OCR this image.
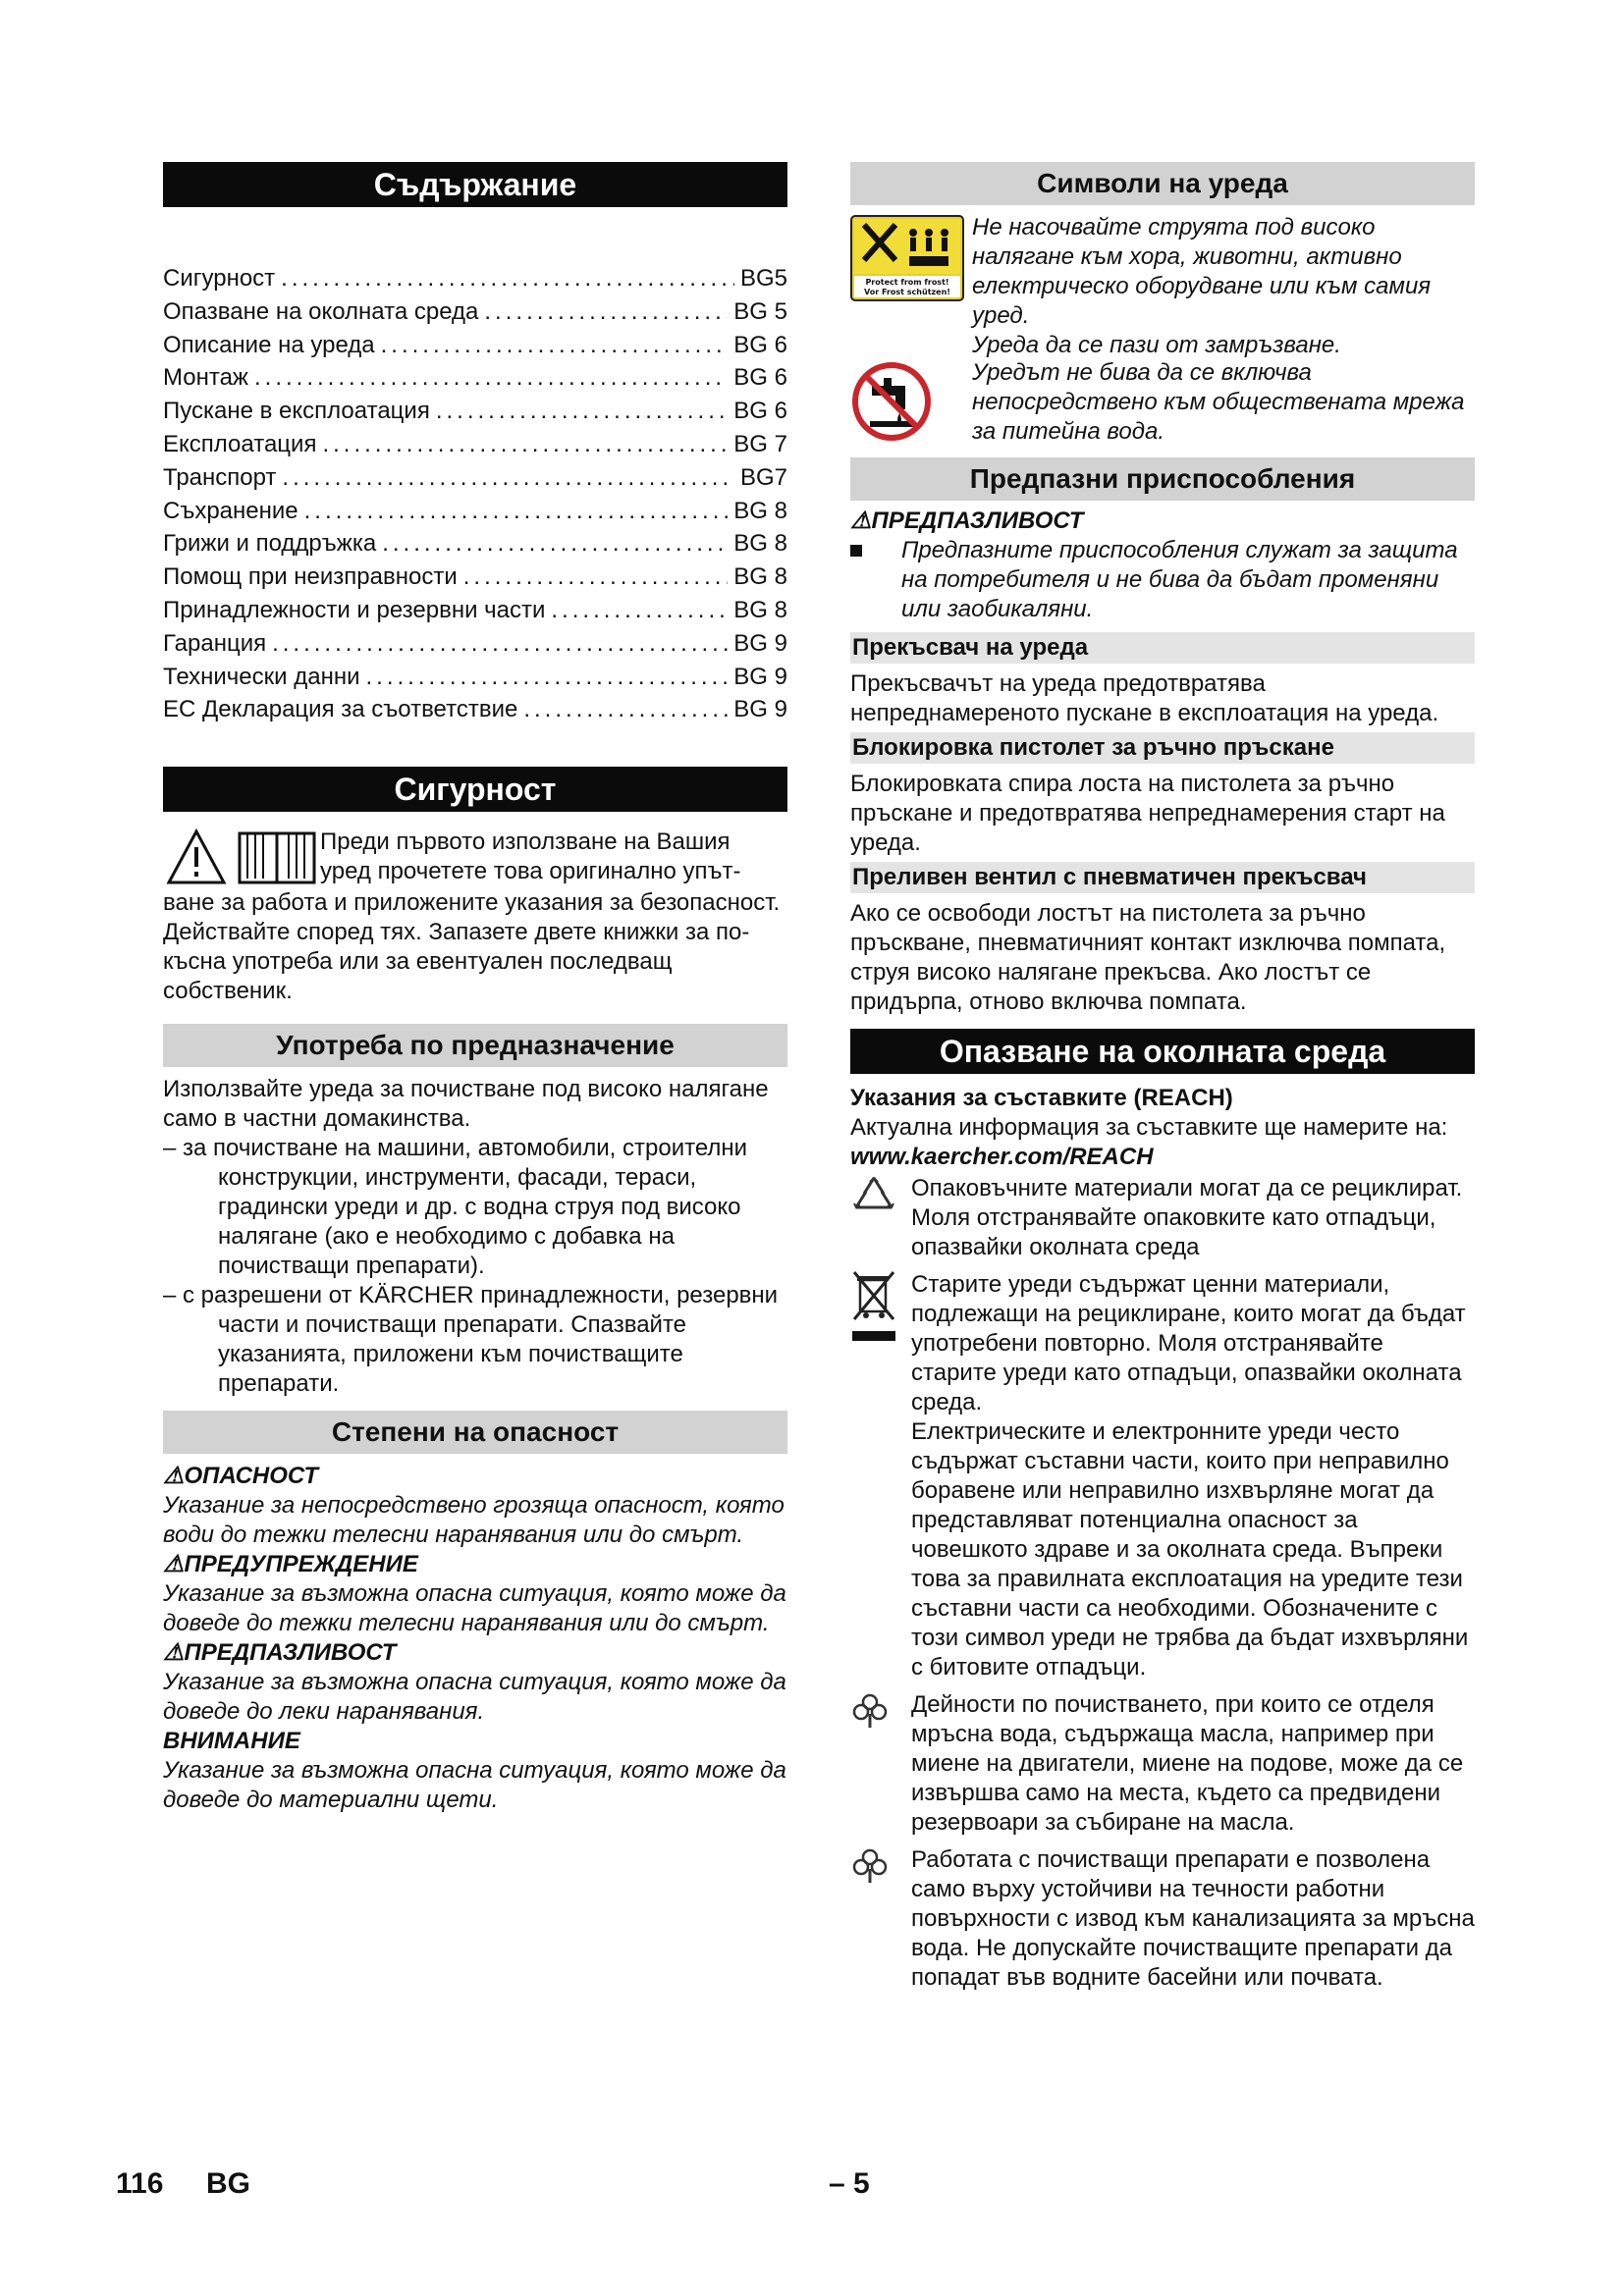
Съдържание
Сигурност .....	BG5
Опазване на околната среда .....	BG 5
Описание на уреда .....	BG 6
Монтаж .....	BG 6
Пускане в експлоатация .....	BG 6
Експлоатация .....	BG 7
Транспорт .....	BG7
Съхранение .....	BG 8
Грижи и поддръжка .....	BG 8
Помощ при неизправности .....	BG 8
Принадлежности и резервни части .....	BG 8
Гаранция .....	BG 9
Технически данни .....	BG 9
ЕС Декларация за съответствие .....	BG 9
Сигурност

Преди първото използване на Вашия уред прочетете това оригинално упът-

ване за работа и приложените указания за безопасност. Действайте според тях. Запазете двете книжки за по-късна употреба или за евентуален последващ собственик.

Употреба по предназначение

Използвайте уреда за почистване под високо налягане само в частни домакинства.

– за почистване на машини, автомобили, строителни конструкции, инструменти, фасади, тераси, градински уреди и др. с водна струя под високо налягане (ако е необходимо с добавка на почистващи препарати).

– с разрешени от KÄRCHER принадлежности, резервни части и почистващи препарати. Спазвайте указанията, приложени към почистващите препарати.

Степени на опасност

⚠ОПАСНОСТ

Указание за непосредствено грозяща опасност, която води до тежки телесни наранявания или до смърт.

⚠ПРЕДУПРЕЖДЕНИЕ

Указание за възможна опасна ситуация, която може да доведе до тежки телесни наранявания или до смърт.

⚠ПРЕДПАЗЛИВОСТ

Указание за възможна опасна ситуация, която може да доведе до леки наранявания.

ВНИМАНИЕ

Указание за възможна опасна ситуация, която може да доведе до материални щети.

Символи на уреда
Protect from frost!
Vor Frost schützen!

Не насочвайте струята под високо налягане към хора, животни, активно електрическо оборудване или към самия уред.

Уреда да се пази от замръзване.

Уредът не бива да се включва непосредствено към обществената мрежа за питейна вода.

Предпазни приспособления

⚠ПРЕДПАЗЛИВОСТ

Предпазните приспособления служат за защита на потребителя и не бива да бъдат променяни или заобикаляни.

Прекъсвач на уреда

Прекъсвачът на уреда предотвратява непреднамереното пускане в експлоатация на уреда.

Блокировка пистолет за ръчно пръскане

Блокировката спира лоста на пистолета за ръчно пръскане и предотвратява непреднамерения старт на уреда.

Преливен вентил с пневматичен прекъсвач

Ако се освободи лостът на пистолета за ръчно пръскване, пневматичният контакт изключва помпата, струя високо налягане прекъсва. Ако лостът се придърпа, отново включва помпата.

Опазване на околната среда

Указания за съставките (REACH)

Актуална информация за съставките ще намерите на:

www.kaercher.com/REACH

Опаковъчните материали могат да се рециклират. Моля отстранявайте опаковките като отпадъци, опазвайки околната среда

Старите уреди съдържат ценни материали, подлежащи на рециклиране, които могат да бъдат употребени повторно. Моля отстранявайте старите уреди като отпадъци, опазвайки околната среда.

Електрическите и електронните уреди често съдържат съставни части, които при неправилно боравене или неправилно изхвърляне могат да представляват потенциална опасност за човешкото здраве и за околната среда. Въпреки това за правилната експлоатация на уредите тези съставни части са необходими. Обозначените с този символ уреди не трябва да бъдат изхвърляни с битовите отпадъци.

Дейности по почистването, при които се отделя мръсна вода, съдържаща масла, например при миене на двигатели, миене на подове, може да се извършва само на места, където са предвидени резервоари за събиране на масла.

Работата с почистващи препарати е позволена само върху устойчиви на течности работни повърхности с извод към канализацията за мръсна вода. Не допускайте почистващите препарати да попадат във водните басейни или почвата.

116 BG	– 5
